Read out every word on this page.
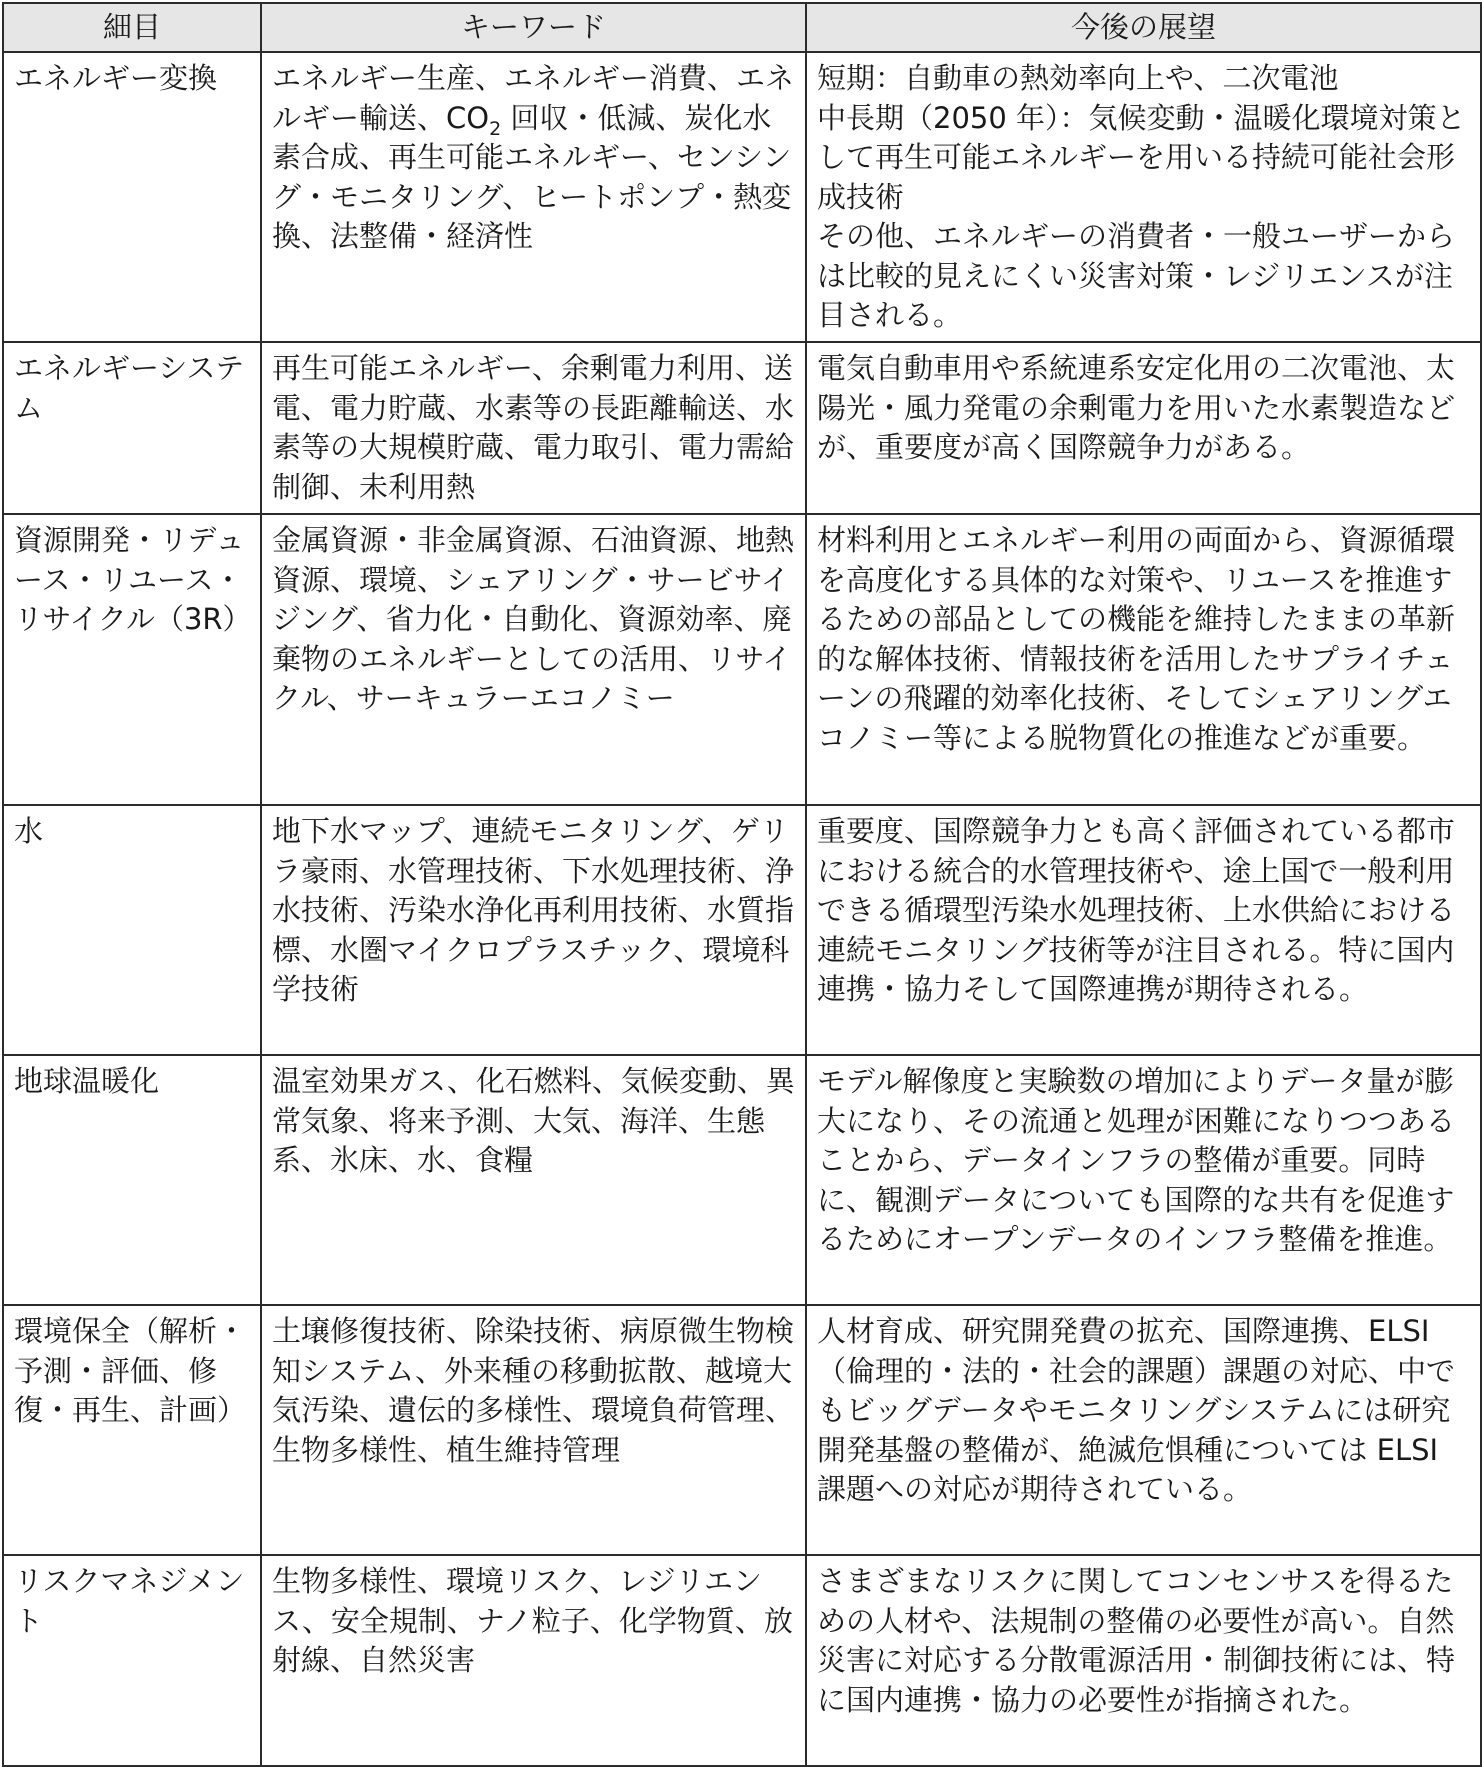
細目	キーワード	今後の展望
エネルギー変換	エネルギー生産、エネルギー消費、エネルギー輸送、$CO_2$ 回収・低減、炭化水素合成、再生可能エネルギー、センシング・モニタリング、ヒートポンプ・熱変換、法整備・経済性	短期：自動車の熱効率向上や、二次電池
中長期（2050 年）：気候変動・温暖化環境対策として再生可能エネルギーを用いる持続可能社会形成技術
その他、エネルギーの消費者・一般ユーザーからは比較的見えにくい災害対策・レジリエンスが注目される。

エネルギーシステム	再生可能エネルギー、余剰電力利用、送電、電力貯蔵、水素等の長距離輸送、水素等の大規模貯蔵、電力取引、電力需給制御、未利用熱	電気自動車用や系統連系安定化用の二次電池、太陽光・風力発電の余剰電力を用いた水素製造などが、重要度が高く国際競争力がある。
資源開発・リデュース・リユース・リサイクル（3R）	金属資源・非金属資源、石油資源、地熱資源、環境、シェアリング・サービサイジング、省力化・自動化、資源効率、廃棄物のエネルギーとしての活用、リサイクル、サーキュラーエコノミー	材料利用とエネルギー利用の両面から、資源循環を高度化する具体的な対策や、リユースを推進するための部品としての機能を維持したままの革新的な解体技術、情報技術を活用したサプライチェーンの飛躍的効率化技術、そしてシェアリングエコノミー等による脱物質化の推進などが重要。
水	地下水マップ、連続モニタリング、ゲリラ豪雨、水管理技術、下水処理技術、浄水技術、汚染水浄化再利用技術、水質指標、水圏マイクロプラスチック、環境科学技術	重要度、国際競争力とも高く評価されている都市における統合的水管理技術や、途上国で一般利用できる循環型汚染水処理技術、上水供給における連続モニタリング技術等が注目される。特に国内連携・協力そして国際連携が期待される。
地球温暖化	温室効果ガス、化石燃料、気候変動、異常気象、将来予測、大気、海洋、生態系、氷床、水、食糧	モデル解像度と実験数の増加によりデータ量が膨大になり、その流通と処理が困難になりつつあることから、データインフラの整備が重要。同時に、観測データについても国際的な共有を促進するためにオープンデータのインフラ整備を推進。
環境保全（解析・予測・評価、修復・再生、計画）	土壌修復技術、除染技術、病原微生物検知システム、外来種の移動拡散、越境大気汚染、遺伝的多様性、環境負荷管理、生物多様性、植生維持管理	人材育成、研究開発費の拡充、国際連携、ELSI（倫理的・法的・社会的課題）課題の対応、中でもビッグデータやモニタリングシステムには研究開発基盤の整備が、絶滅危惧種については ELSI 課題への対応が期待されている。
リスクマネジメント	生物多様性、環境リスク、レジリエンス、安全規制、ナノ粒子、化学物質、放射線、自然災害	さまざまなリスクに関してコンセンサスを得るための人材や、法規制の整備の必要性が高い。自然災害に対応する分散電源活用・制御技術には、特に国内連携・協力の必要性が指摘された。
